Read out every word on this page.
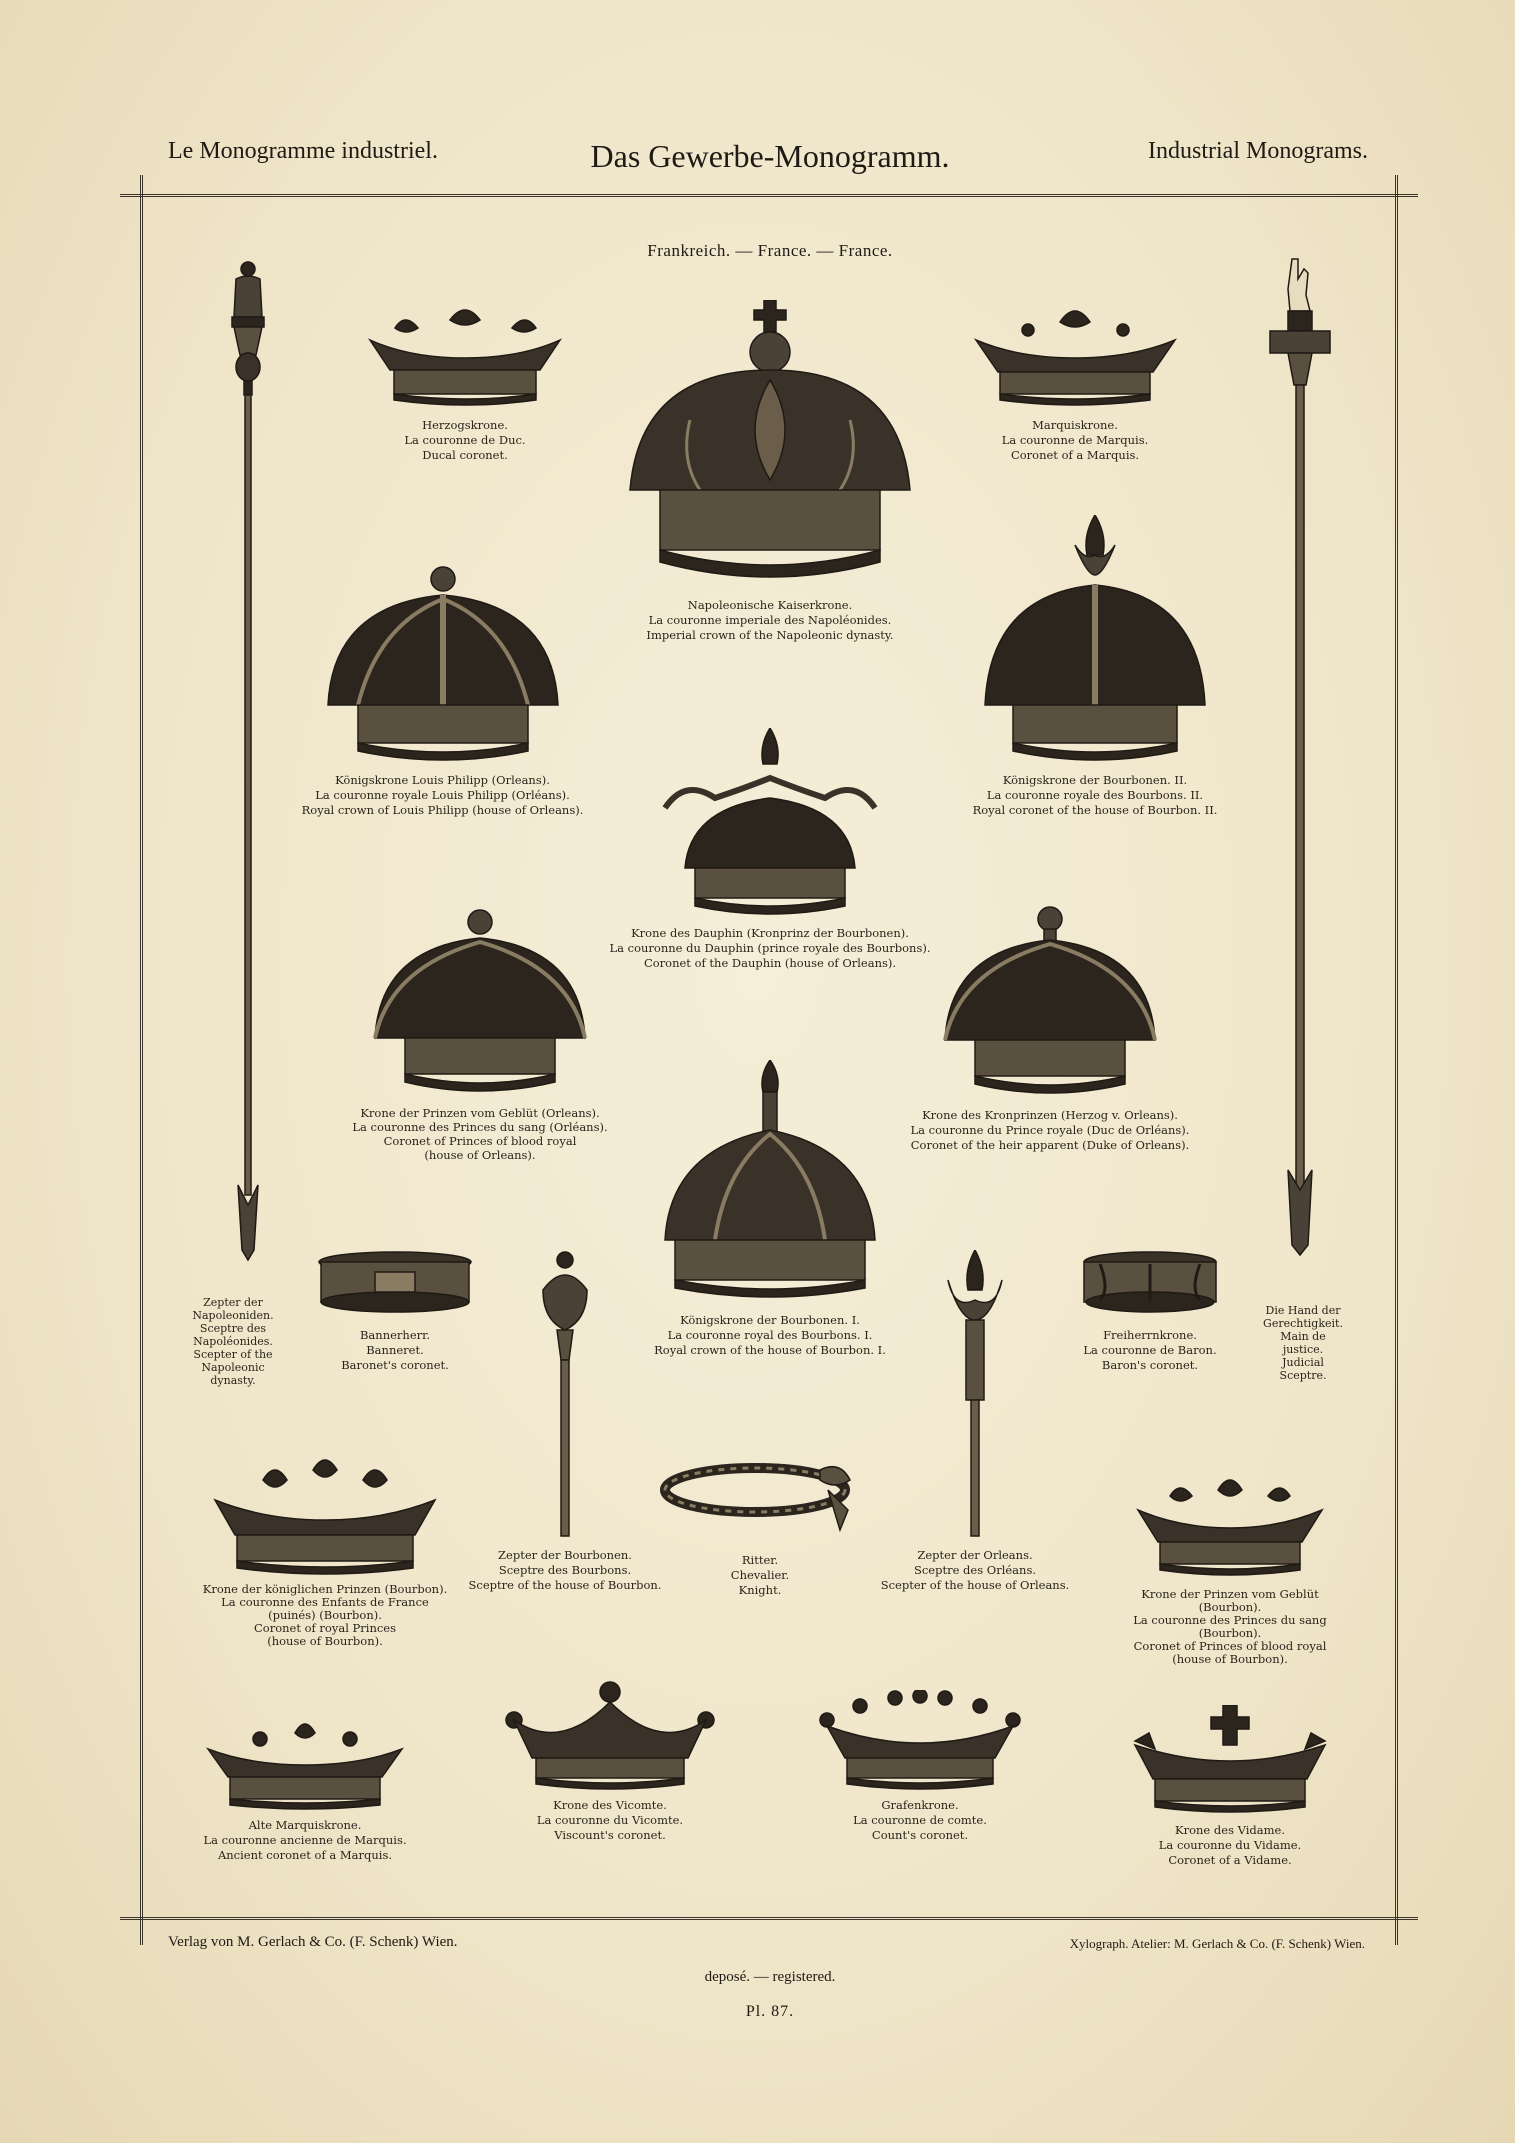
Le Monogramme industriel.	Das Gewerbe-Monogramm.	Industrial Monograms.
Frankreich. — France. — France.
Zepter der
Napoleoniden.
Sceptre des
Napoléonides.
Scepter of the
Napoleonic
dynasty.
Die Hand der
Gerechtigkeit.
Main de
justice.
Judicial
Sceptre.
Herzogskrone.
La couronne de Duc.
Ducal coronet.
Napoleonische Kaiserkrone.
La couronne imperiale des Napoléonides.
Imperial crown of the Napoleonic dynasty.
Marquiskrone.
La couronne de Marquis.
Coronet of a Marquis.
Königskrone Louis Philipp (Orleans).
La couronne royale Louis Philipp (Orléans).
Royal crown of Louis Philipp (house of Orleans).
Königskrone der Bourbonen. II.
La couronne royale des Bourbons. II.
Royal coronet of the house of Bourbon. II.
Krone des Dauphin (Kronprinz der Bourbonen).
La couronne du Dauphin (prince royale des Bourbons).
Coronet of the Dauphin (house of Orleans).
Krone der Prinzen vom Geblüt (Orleans).
La couronne des Princes du sang (Orléans).
Coronet of Princes of blood royal
(house of Orleans).
Krone des Kronprinzen (Herzog v. Orleans).
La couronne du Prince royale (Duc de Orléans).
Coronet of the heir apparent (Duke of Orleans).
Königskrone der Bourbonen. I.
La couronne royal des Bourbons. I.
Royal crown of the house of Bourbon. I.
Bannerherr.
Banneret.
Baronet's coronet.
Freiherrnkrone.
La couronne de Baron.
Baron's coronet.
Zepter der Bourbonen.
Sceptre des Bourbons.
Sceptre of the house of Bourbon.
Zepter der Orleans.
Sceptre des Orléans.
Scepter of the house of Orleans.
Krone der königlichen Prinzen (Bourbon).
La couronne des Enfants de France
(puinés) (Bourbon).
Coronet of royal Princes
(house of Bourbon).
Ritter.
Chevalier.
Knight.	Krone der Prinzen vom Geblüt
(Bourbon).
La couronne des Princes du sang
(Bourbon).
Coronet of Princes of blood royal
(house of Bourbon).
Alte Marquiskrone.
La couronne ancienne de Marquis.
Ancient coronet of a Marquis.
Krone des Vicomte.
La couronne du Vicomte.
Viscount's coronet.
Grafenkrone.
La couronne de comte.
Count's coronet.	Krone des Vidame.
La couronne du Vidame.
Coronet of a Vidame.
Verlag von M. Gerlach & Co. (F. Schenk) Wien.	Xylograph. Atelier: M. Gerlach & Co. (F. Schenk) Wien.
deposé. — registered.
Pl. 87.
